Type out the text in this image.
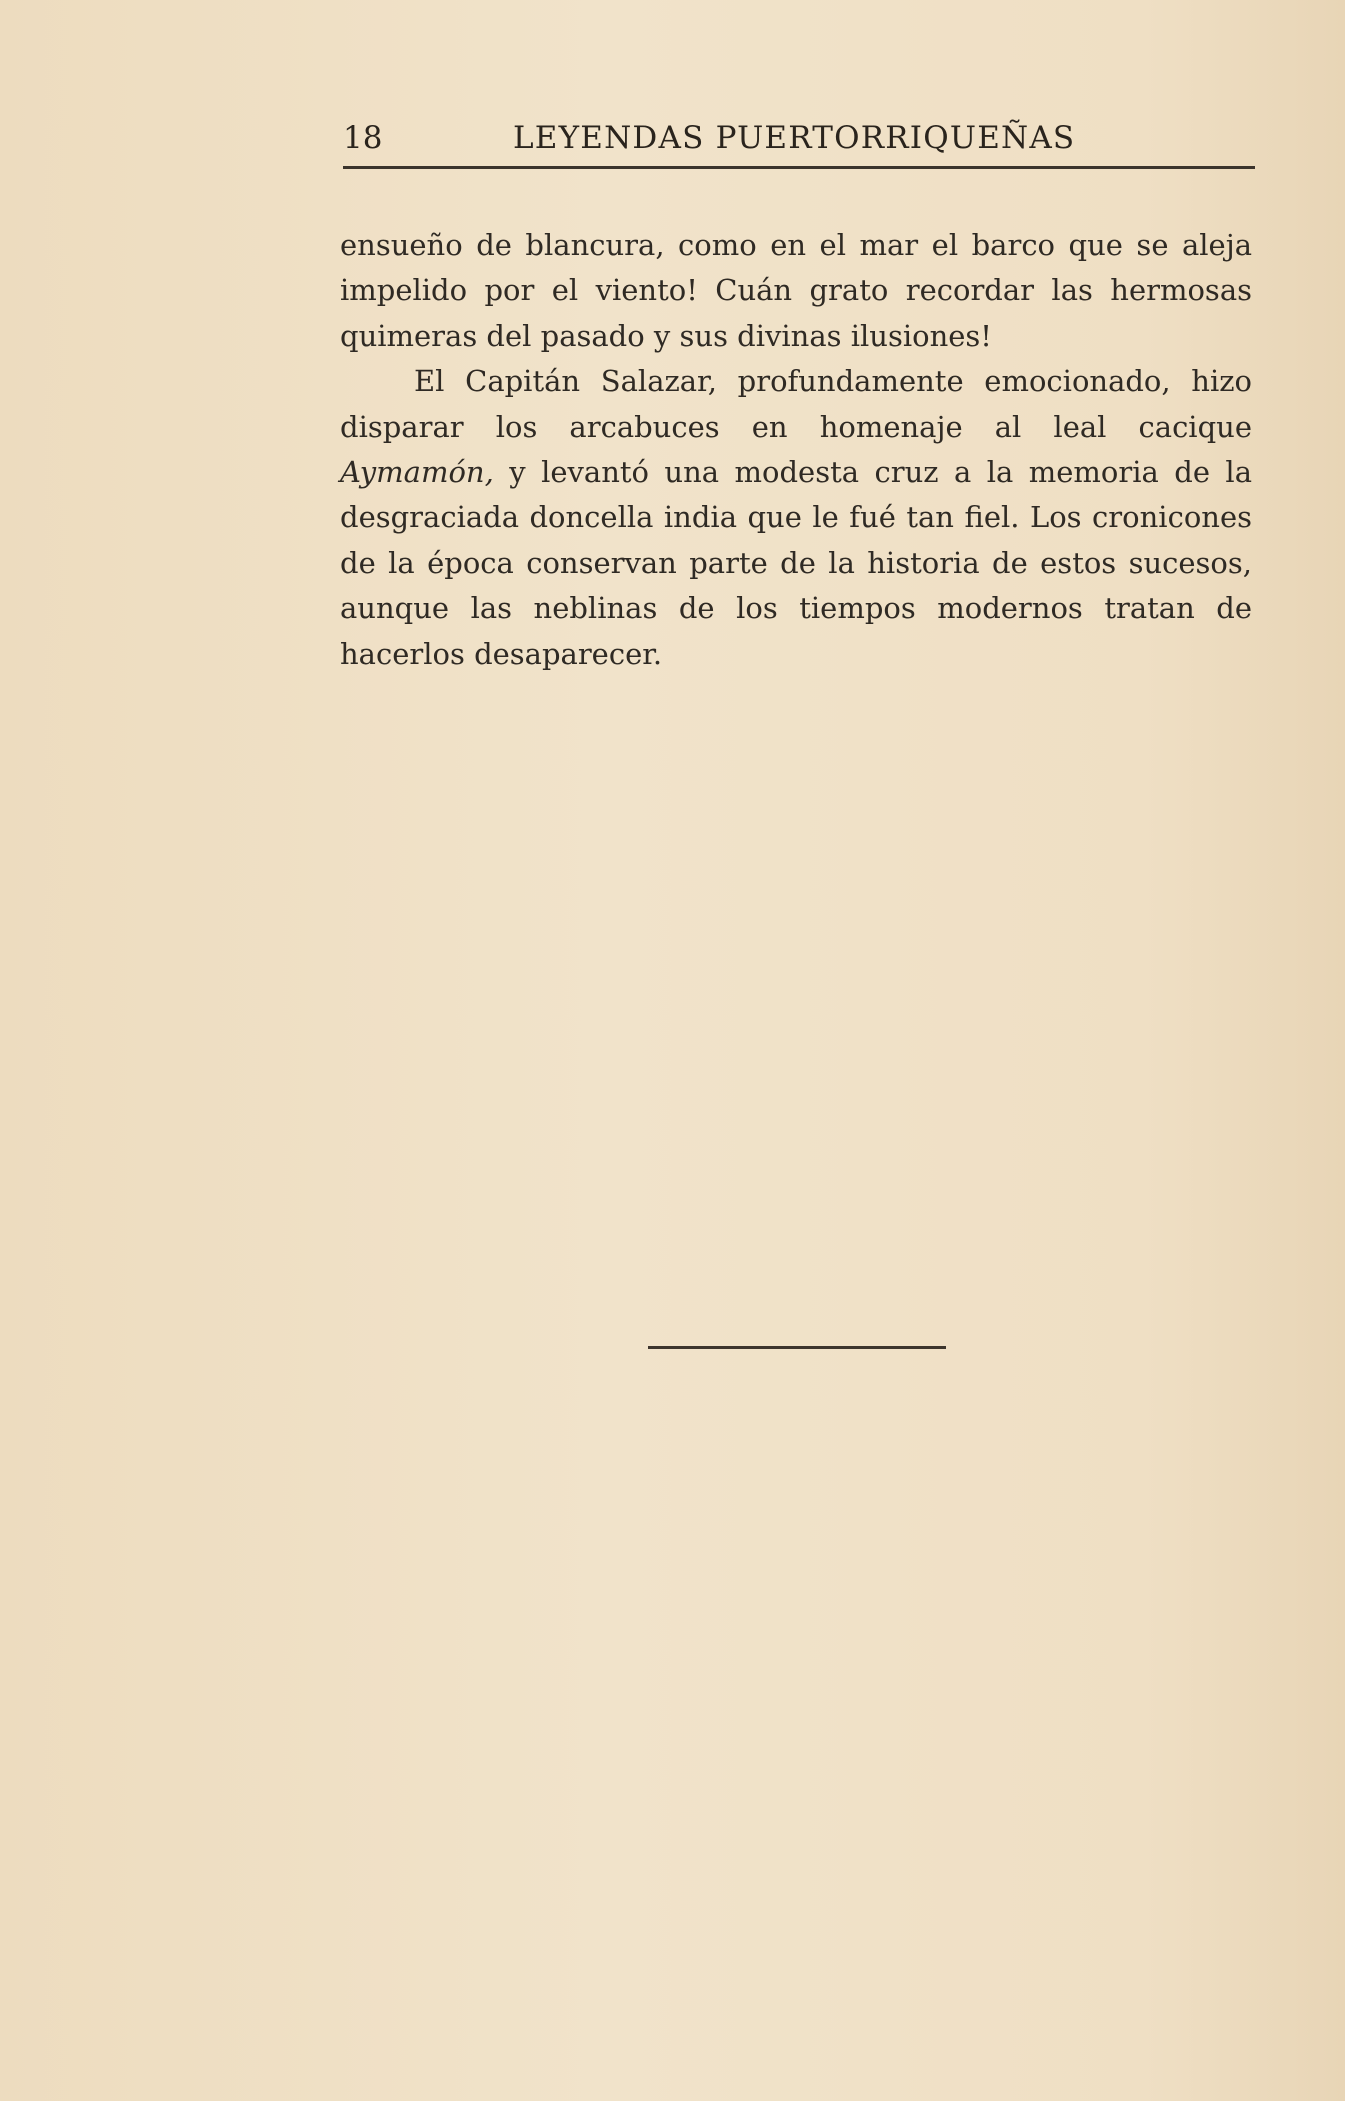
18	LEYENDAS PUERTORRIQUEÑAS

ensueño de blancura, como en el mar el barco que se aleja impelido por el viento! Cuán grato recordar las hermosas quimeras del pasado y sus divinas ilusiones!

El Capitán Salazar, profundamente emocionado, hizo disparar los arcabuces en homenaje al leal cacique Aymamón, y levantó una modesta cruz a la memoria de la desgraciada doncella india que le fué tan fiel. Los cronicones de la época conservan parte de la historia de estos sucesos, aunque las neblinas de los tiempos modernos tratan de hacerlos desaparecer.
